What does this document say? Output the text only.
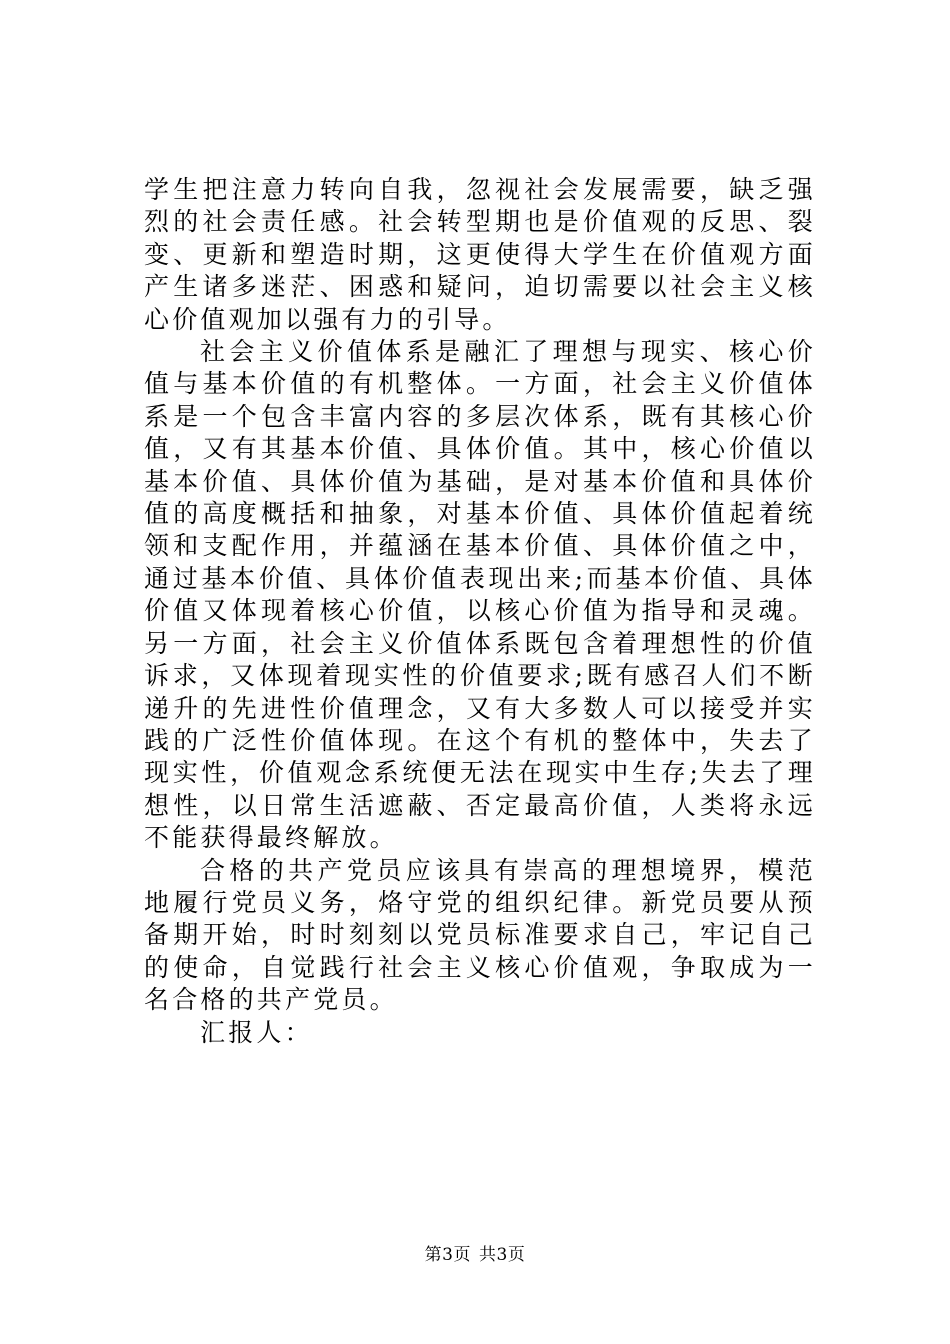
学生把注意力转向自我，忽视社会发展需要，缺乏强烈的社会责任感。社会转型期也是价值观的反思、裂变、更新和塑造时期，这更使得大学生在价值观方面产生诸多迷茫、困惑和疑问，迫切需要以社会主义核心价值观加以强有力的引导。

社会主义价值体系是融汇了理想与现实、核心价值与基本价值的有机整体。一方面，社会主义价值体系是一个包含丰富内容的多层次体系，既有其核心价值，又有其基本价值、具体价值。其中，核心价值以基本价值、具体价值为基础，是对基本价值和具体价值的高度概括和抽象，对基本价值、具体价值起着统领和支配作用，并蕴涵在基本价值、具体价值之中，通过基本价值、具体价值表现出来;而基本价值、具体价值又体现着核心价值，以核心价值为指导和灵魂。另一方面，社会主义价值体系既包含着理想性的价值诉求，又体现着现实性的价值要求;既有感召人们不断递升的先进性价值理念，又有大多数人可以接受并实践的广泛性价值体现。在这个有机的整体中，失去了现实性，价值观念系统便无法在现实中生存;失去了理想性，以日常生活遮蔽、否定最高价值，人类将永远不能获得最终解放。

合格的共产党员应该具有崇高的理想境界，模范地履行党员义务，烙守党的组织纪律。新党员要从预备期开始，时时刻刻以党员标准要求自己，牢记自己的使命，自觉践行社会主义核心价值观，争取成为一名合格的共产党员。

汇报人：

第3页 共3页
